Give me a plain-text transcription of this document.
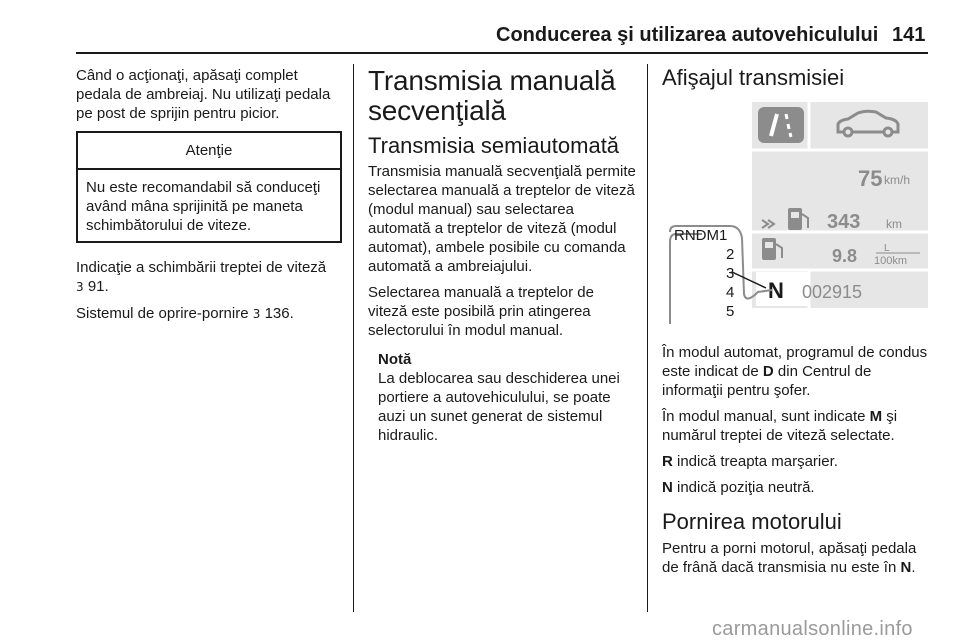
Conducerea şi utilizarea autovehiculului 141

Când o acţionaţi, apăsaţi complet pedala de ambreiaj. Nu utilizaţi pedala pe post de sprijin pentru picior.

Atenţie
Nu este recomandabil să conduceţi având mâna sprijinită pe maneta schimbătorului de viteze.

Indicaţie a schimbării treptei de viteză
3 91.

Sistemul de oprire-pornire 3 136.

Transmisia manuală secvenţială
Transmisia semiautomată

Transmisia manuală secvenţială permite selectarea manuală a treptelor de viteză (modul manual) sau selectarea automată a treptelor de viteză (modul automat), ambele posibile cu comanda automată a ambreiajului.

Selectarea manuală a treptelor de viteză este posibilă prin atingerea selectorului în modul manual.

Notă
La deblocarea sau deschiderea unei portiere a autovehiculului, se poate auzi un sunet generat de sistemul hidraulic.
Afişajul transmisiei
75 km/h
343 km
9.8	L
100km
N 002915
RNDM1
2
3
4
5

În modul automat, programul de condus este indicat de D din Centrul de informaţii pentru şofer.

În modul manual, sunt indicate M şi numărul treptei de viteză selectate.

R indică treapta marşarier.

N indică poziţia neutră.

Pornirea motorului

Pentru a porni motorul, apăsaţi pedala de frână dacă transmisia nu este în N.

carmanualsonline.info
